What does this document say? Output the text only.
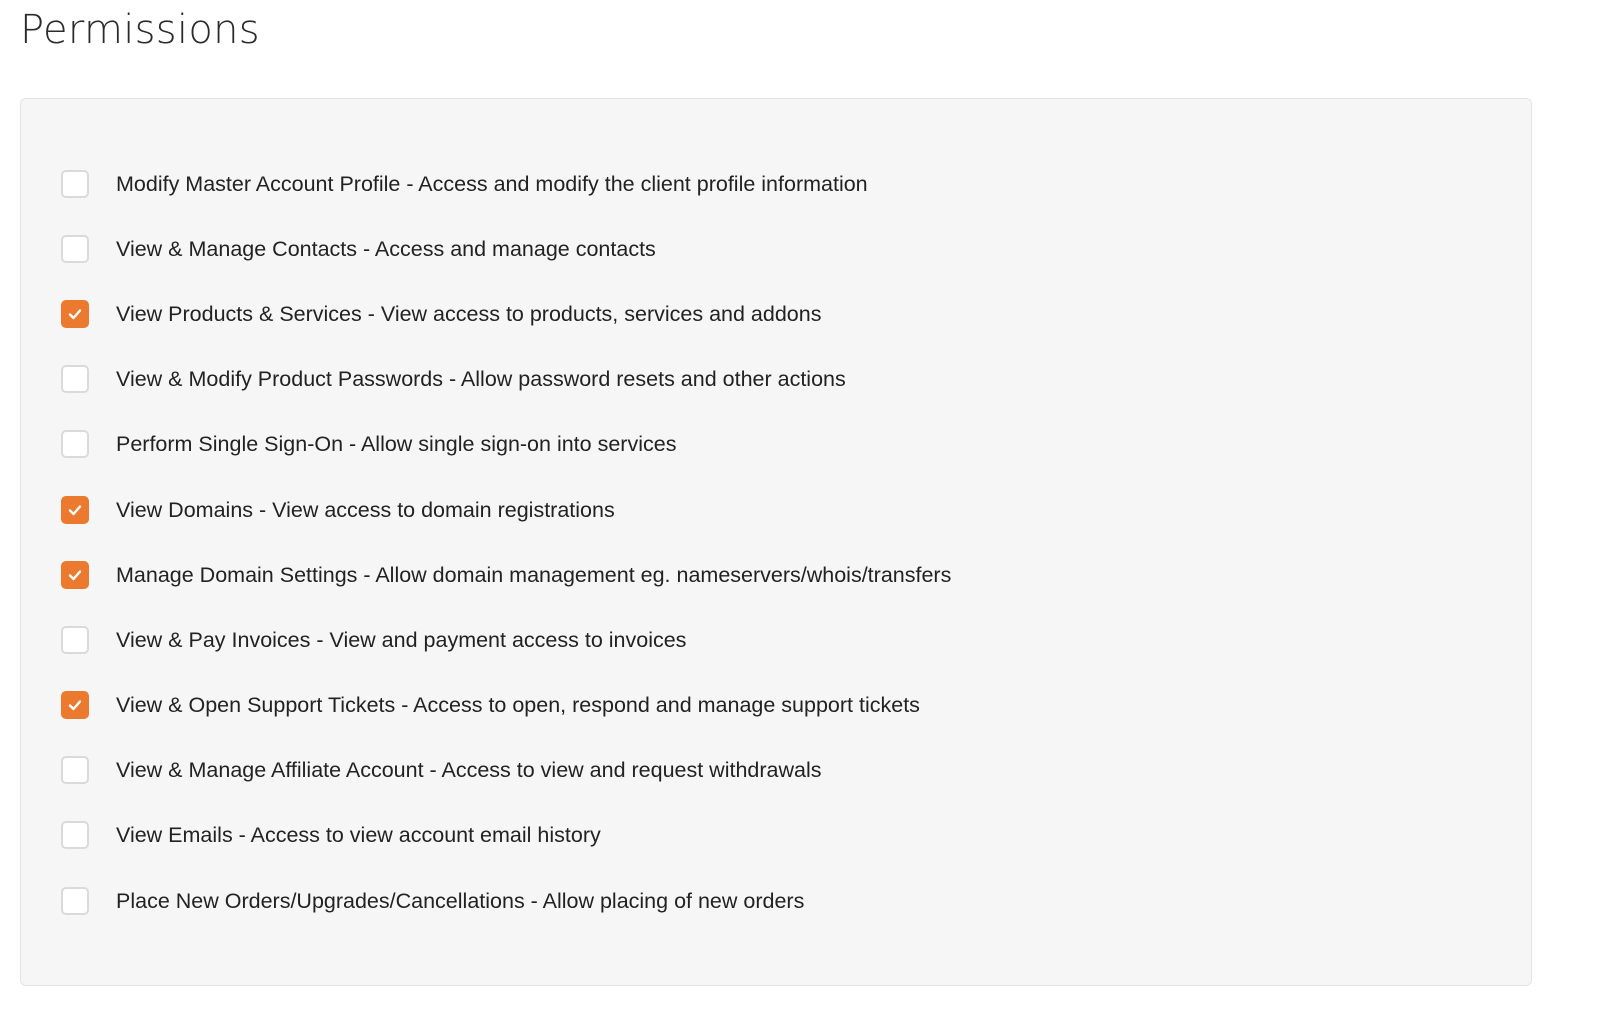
Permissions
Modify Master Account Profile - Access and modify the client profile information
View & Manage Contacts - Access and manage contacts
View Products & Services - View access to products, services and addons
View & Modify Product Passwords - Allow password resets and other actions
Perform Single Sign-On - Allow single sign-on into services
View Domains - View access to domain registrations
Manage Domain Settings - Allow domain management eg. nameservers/whois/transfers
View & Pay Invoices - View and payment access to invoices
View & Open Support Tickets - Access to open, respond and manage support tickets
View & Manage Affiliate Account - Access to view and request withdrawals
View Emails - Access to view account email history
Place New Orders/Upgrades/Cancellations - Allow placing of new orders
